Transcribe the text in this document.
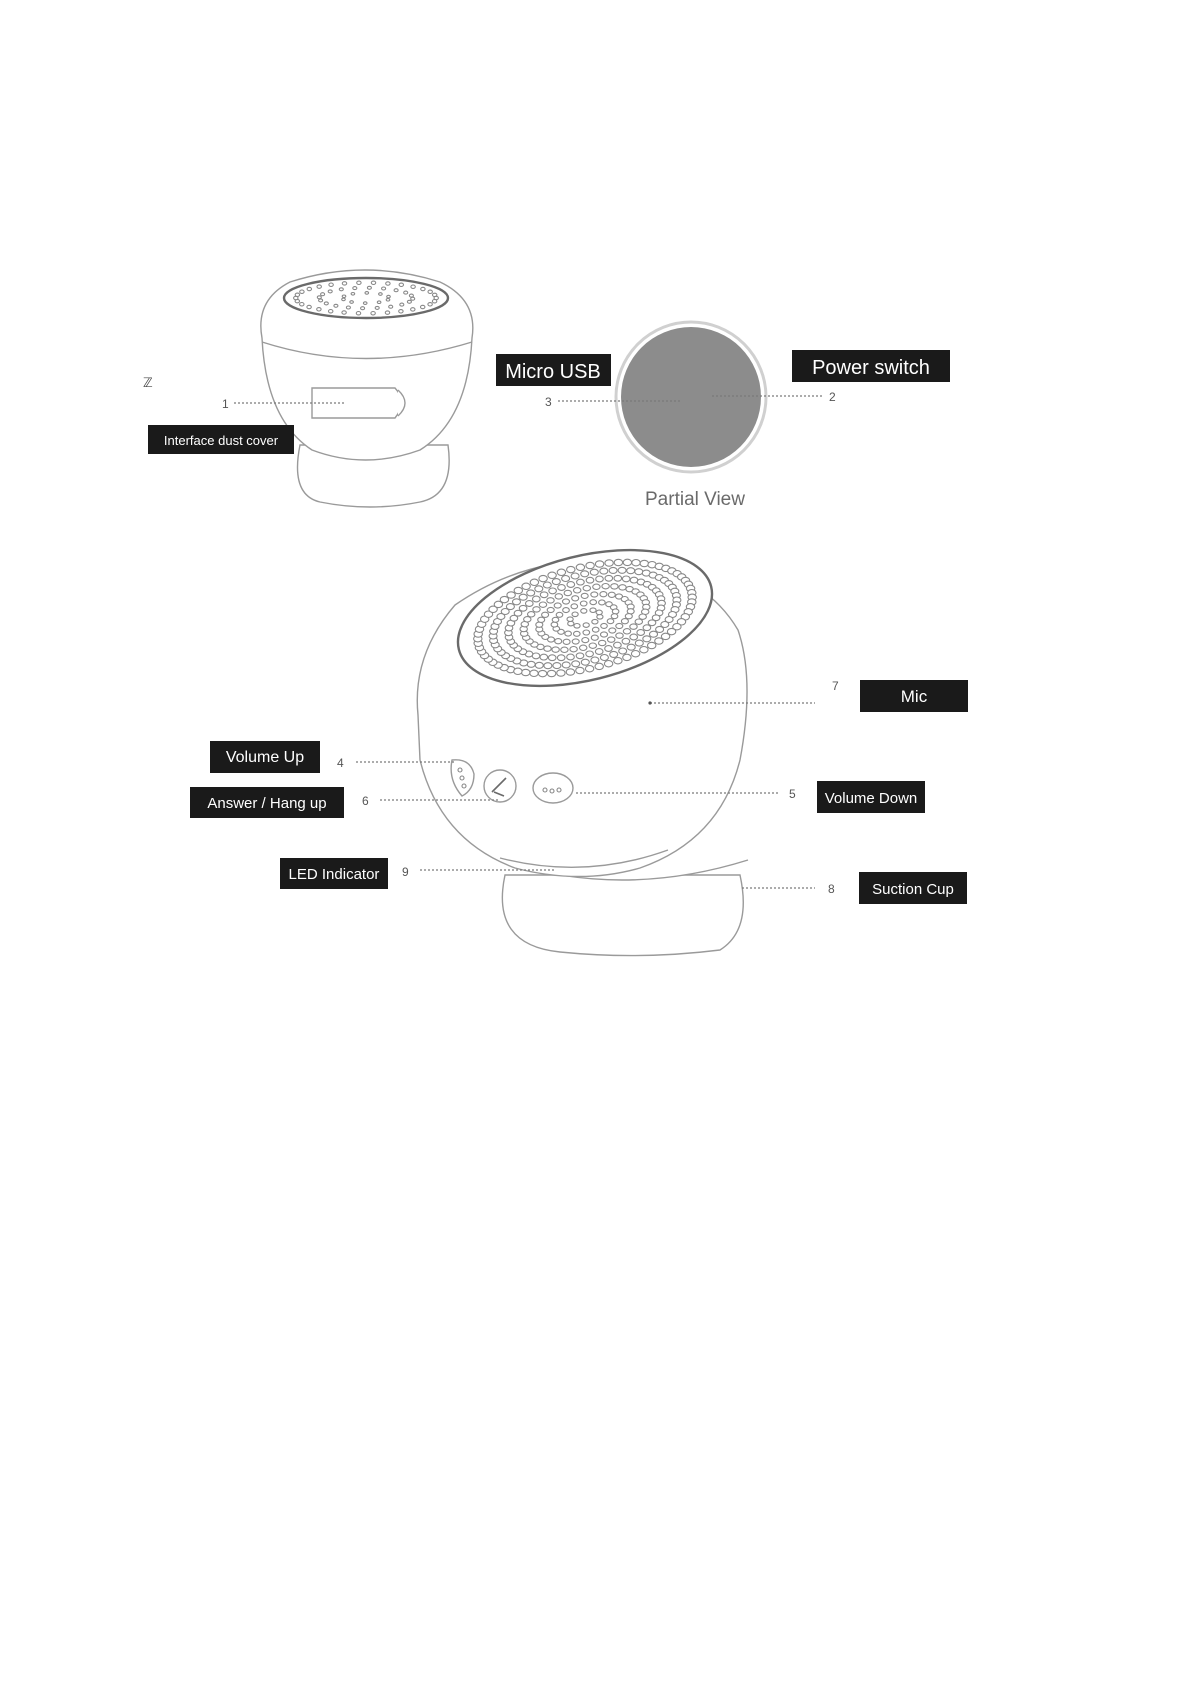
ℤ
1
Interface dust cover
3	2
Micro USB	Power switch
Partial View
7
Mic
4
Volume Up
6
Answer / Hang up
5 Volume Down
9
LED Indicator
8 Suction Cup
